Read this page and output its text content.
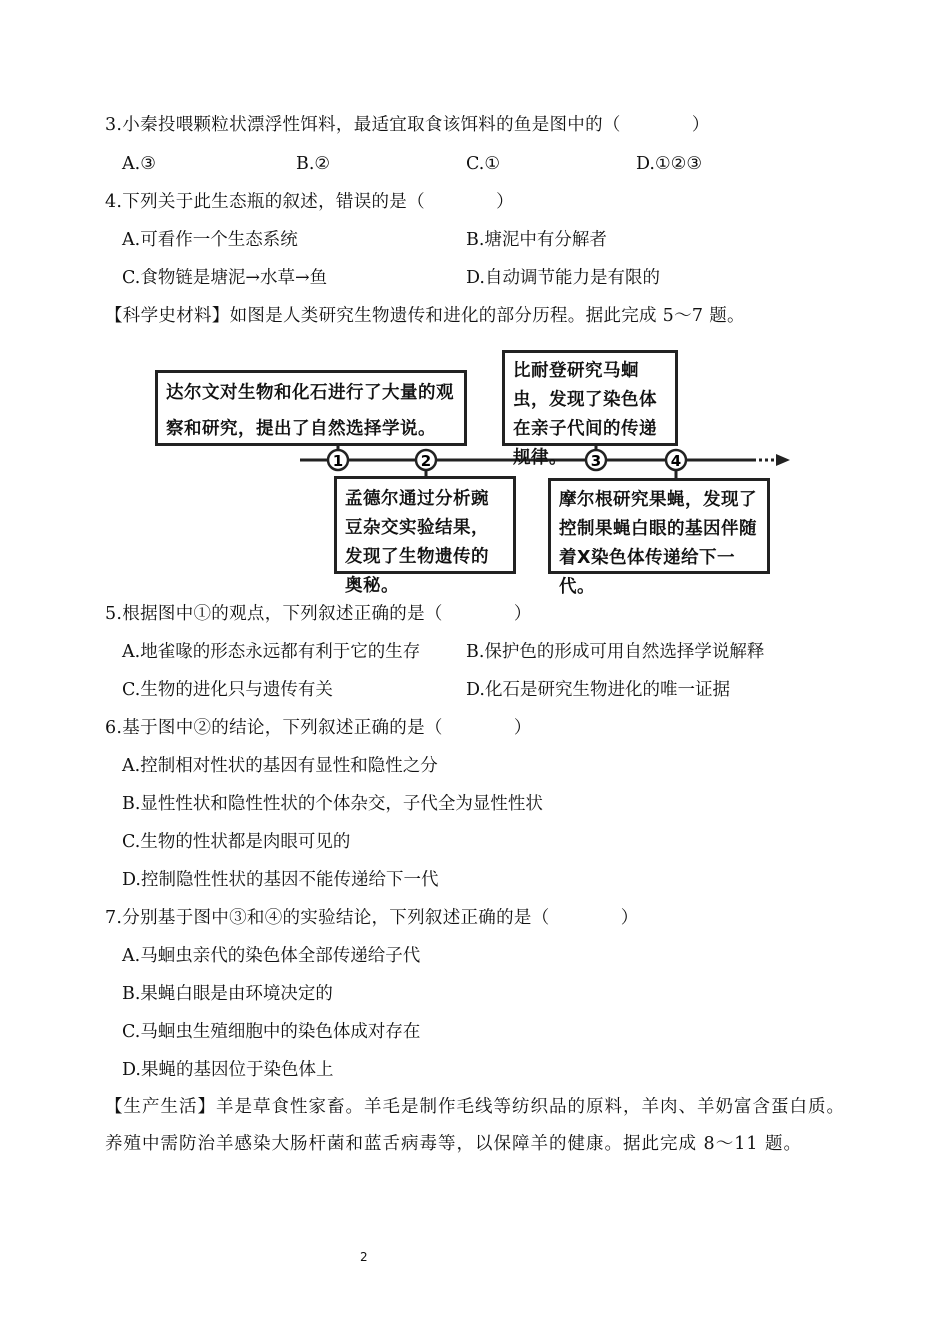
3.小秦投喂颗粒状漂浮性饵料，最适宜取食该饵料的鱼是图中的（　　　　）
A.③	B.②	C.①	D.①②③
4.下列关于此生态瓶的叙述，错误的是（　　　　）
A.可看作一个生态系统	B.塘泥中有分解者
C.食物链是塘泥→水草→鱼	D.自动调节能力是有限的
【科学史材料】如图是人类研究生物遗传和进化的部分历程。据此完成 5～7 题。
1	2	3	4
达尔文对生物和化石进行了大量的观察和研究，提出了自然选择学说。
比耐登研究马蛔虫，发现了染色体在亲子代间的传递规律。
孟德尔通过分析豌豆杂交实验结果，发现了生物遗传的奥秘。
摩尔根研究果蝇，发现了控制果蝇白眼的基因伴随着X染色体传递给下一代。
5.根据图中①的观点，下列叙述正确的是（　　　　）
A.地雀喙的形态永远都有利于它的生存	B.保护色的形成可用自然选择学说解释
C.生物的进化只与遗传有关	D.化石是研究生物进化的唯一证据
6.基于图中②的结论，下列叙述正确的是（　　　　）
A.控制相对性状的基因有显性和隐性之分
B.显性性状和隐性性状的个体杂交，子代全为显性性状
C.生物的性状都是肉眼可见的
D.控制隐性性状的基因不能传递给下一代
7.分别基于图中③和④的实验结论，下列叙述正确的是（　　　　）
A.马蛔虫亲代的染色体全部传递给子代
B.果蝇白眼是由环境决定的
C.马蛔虫生殖细胞中的染色体成对存在
D.果蝇的基因位于染色体上
【生产生活】羊是草食性家畜。羊毛是制作毛线等纺织品的原料，羊肉、羊奶富含蛋白质。养殖中需防治羊感染大肠杆菌和蓝舌病毒等，以保障羊的健康。据此完成 8～11 题。
2
